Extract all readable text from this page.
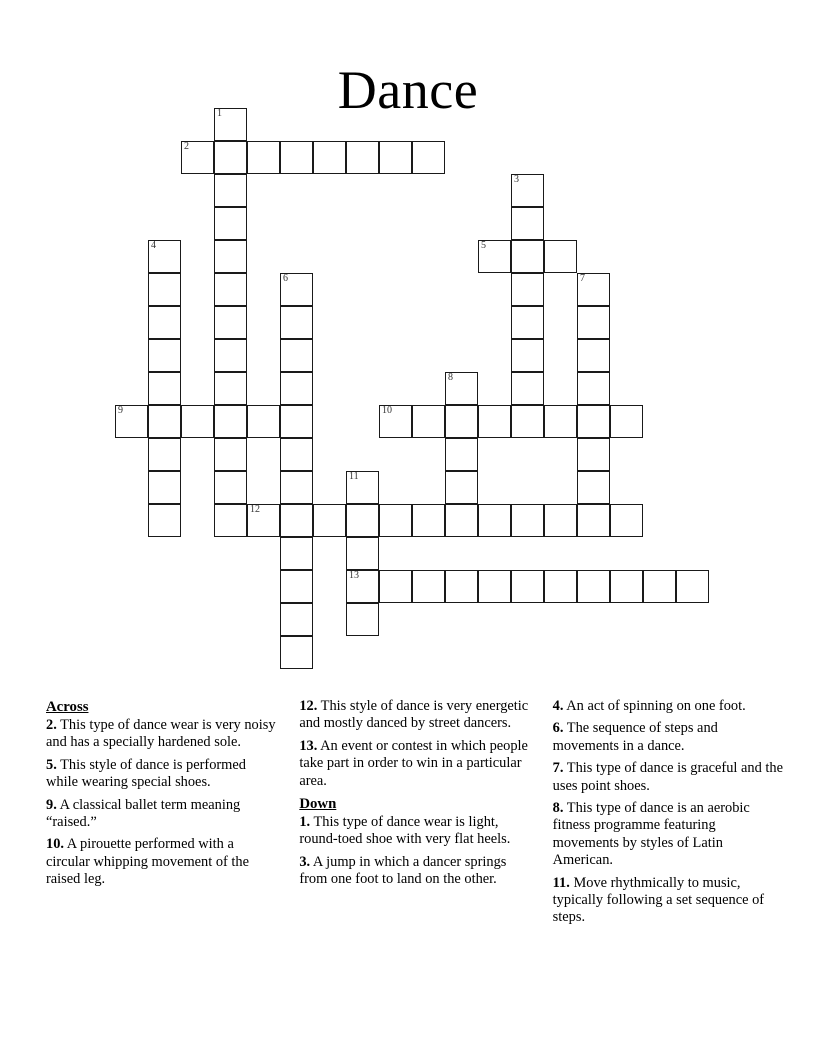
Dance
1
2
3
4	5
6	7
8
9	10
11
12
13
Across

2. This type of dance wear is very noisy and has a specially hardened sole.

5. This style of dance is performed while wearing special shoes.

9. A classical ballet term meaning “raised.”

10. A pirouette performed with a circular whipping movement of the raised leg.

12. This style of dance is very energetic and mostly danced by street dancers.

13. An event or contest in which people take part in order to win in a particular area.

Down

1. This type of dance wear is light, round-toed shoe with very flat heels.

3. A jump in which a dancer springs from one foot to land on the other.

4. An act of spinning on one foot.

6. The sequence of steps and movements in a dance.

7. This type of dance is graceful and the uses point shoes.

8. This type of dance is an aerobic fitness programme featuring movements by styles of Latin American.

11. Move rhythmically to music, typically following a set sequence of steps.
